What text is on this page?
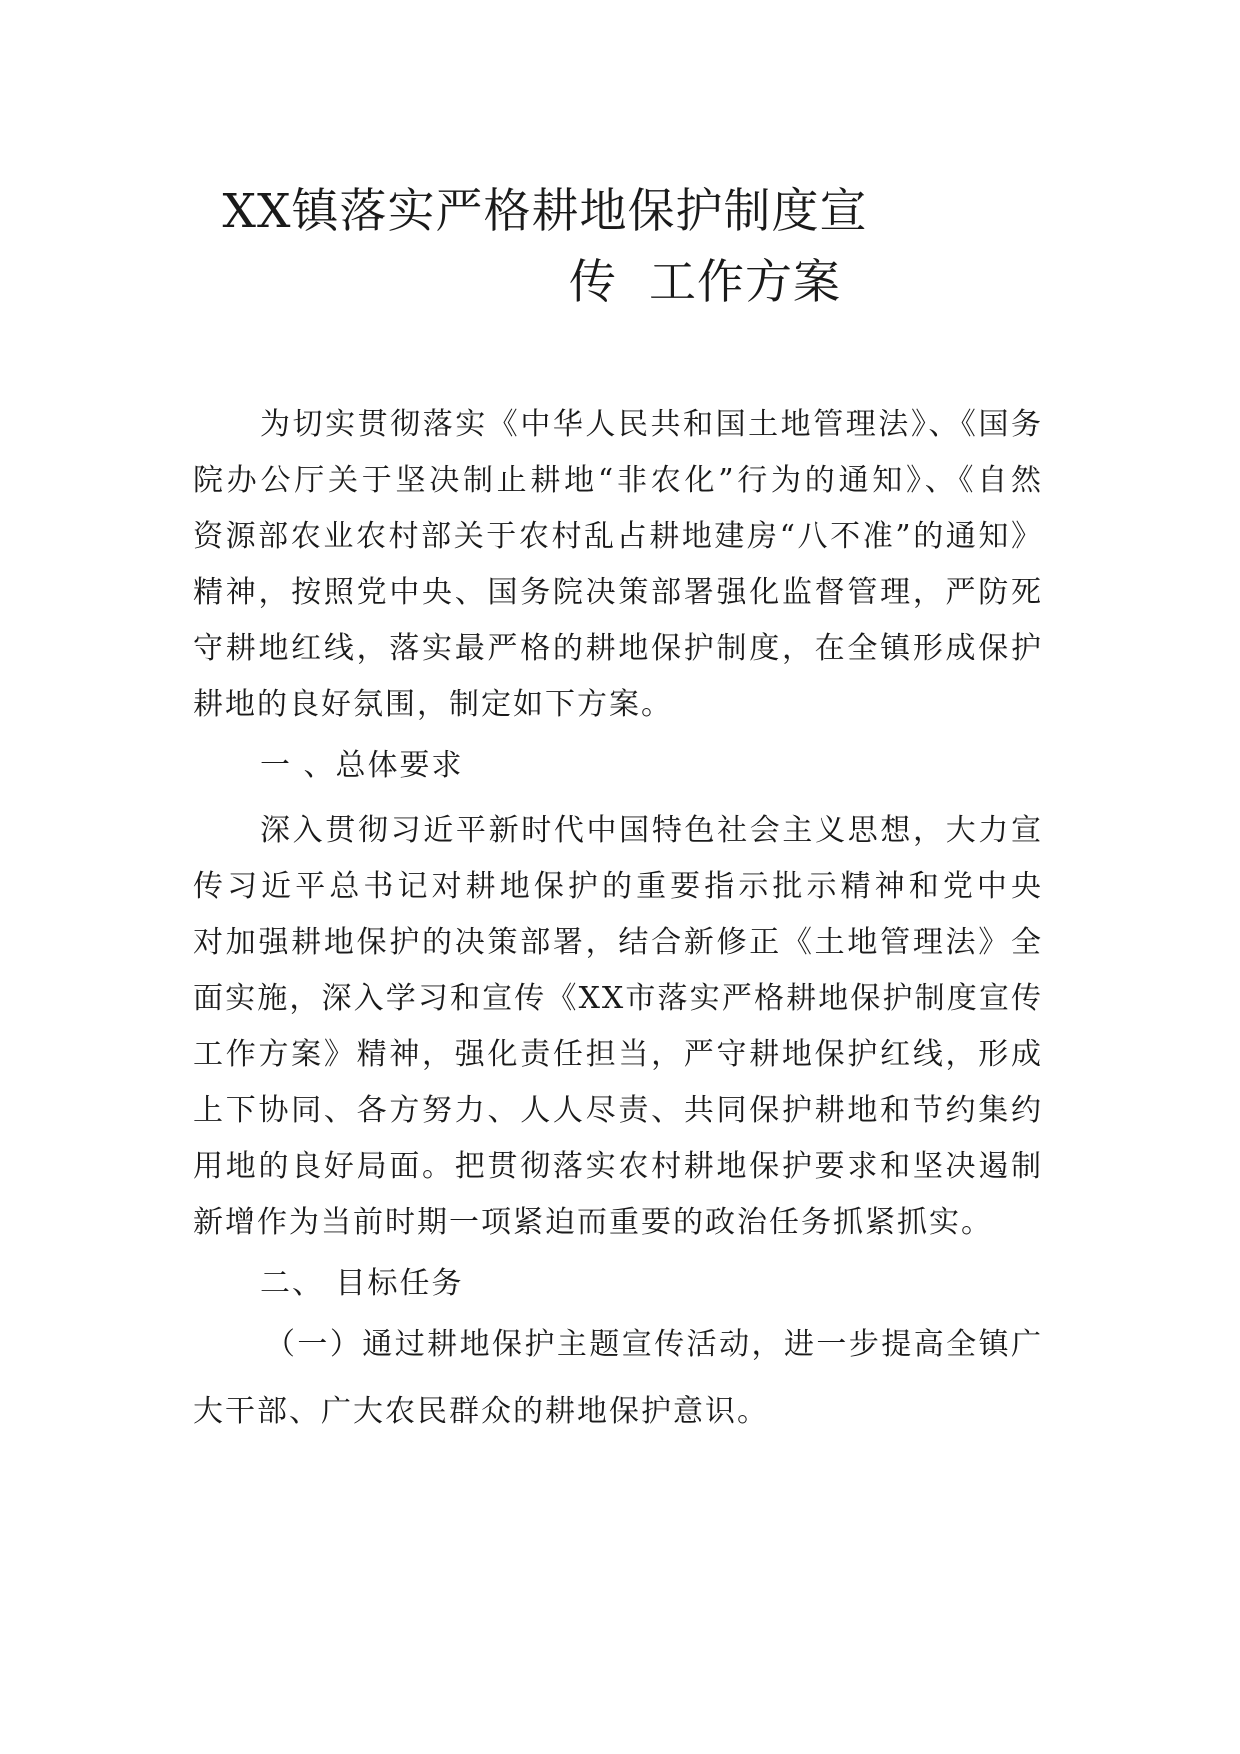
XX镇落实严格耕地保护制度宣
传 工作方案

为切实贯彻落实《中华人民共和国土地管理法》、《国务

院办公厅关于坚决制止耕地“非农化”行为的通知》、《自然

资源部农业农村部关于农村乱占耕地建房“八不准”的通知》

精神，按照党中央、国务院决策部署强化监督管理，严防死

守耕地红线，落实最严格的耕地保护制度，在全镇形成保护

耕地的良好氛围，制定如下方案。

一 、总体要求

深入贯彻习近平新时代中国特色社会主义思想，大力宣

传习近平总书记对耕地保护的重要指示批示精神和党中央

对加强耕地保护的决策部署，结合新修正《土地管理法》全

面实施，深入学习和宣传《XX市落实严格耕地保护制度宣传

工作方案》精神，强化责任担当，严守耕地保护红线，形成

上下协同、各方努力、人人尽责、共同保护耕地和节约集约

用地的良好局面。把贯彻落实农村耕地保护要求和坚决遏制

新增作为当前时期一项紧迫而重要的政治任务抓紧抓实。

二、 目标任务

（一）通过耕地保护主题宣传活动，进一步提高全镇广

大干部、广大农民群众的耕地保护意识。
